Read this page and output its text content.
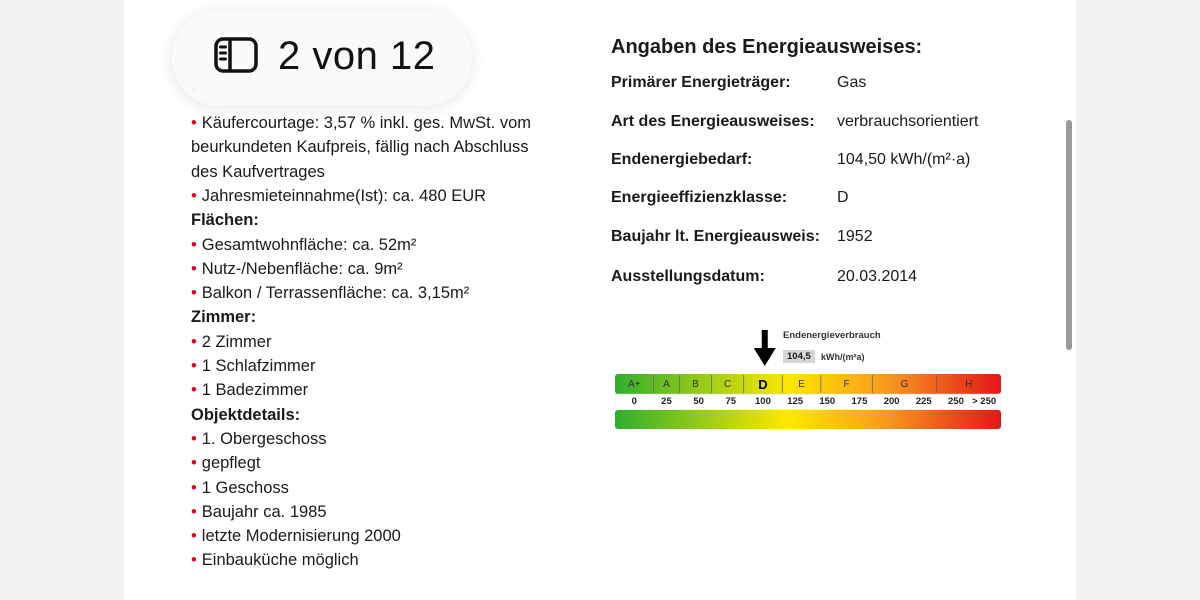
• Käufercourtage: 3,57 % inkl. ges. MwSt. vom
beurkundeten Kaufpreis, fällig nach Abschluss
des Kaufvertrages
• Jahresmieteinnahme(Ist): ca. 480 EUR
Flächen:
• Gesamtwohnfläche: ca. 52m²
• Nutz-/Nebenfläche: ca. 9m²
• Balkon / Terrassenfläche: ca. 3,15m²
Zimmer:
• 2 Zimmer
• 1 Schlafzimmer
• 1 Badezimmer
Objektdetails:
• 1. Obergeschoss
• gepflegt
• 1 Geschoss
• Baujahr ca. 1985
• letzte Modernisierung 2000
• Einbauküche möglich
2 von 12	Angaben des Energieausweises:
Primärer Energieträger:	Gas
Art des Energieausweises: verbrauchsorientiert
Endenergiebedarf:	104,50 kWh/(m²·a)
Energieeffizienzklasse:	D
Baujahr lt. Energieausweis: 1952
Ausstellungsdatum:	20.03.2014
Endenergieverbrauch
104,5	kWh/(m²a)
A+	A	B	C	D	E	F	G	H
0	25 50 75 100 125 150 175 200 225 250 > 250
